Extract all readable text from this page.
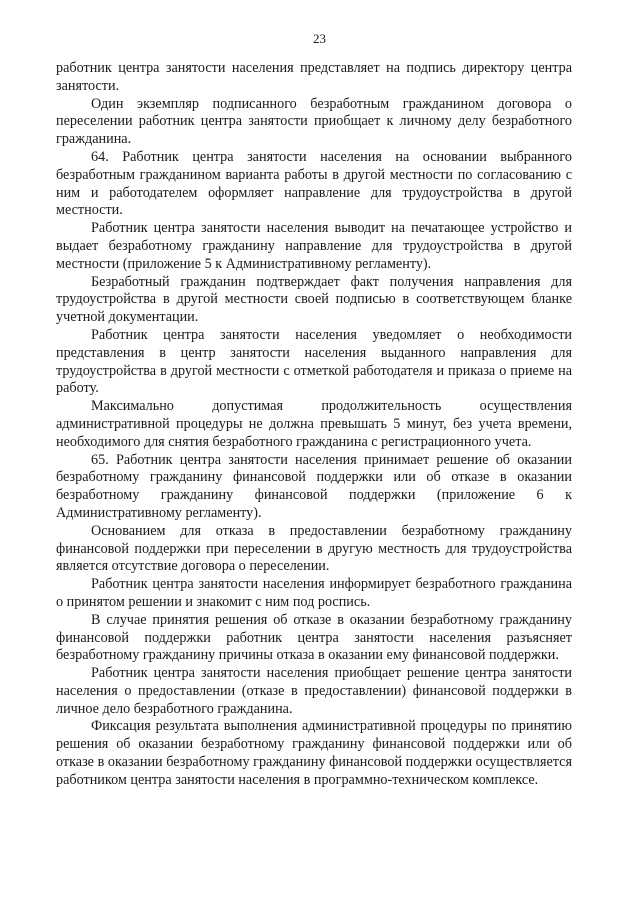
23

работник центра занятости населения представляет на подпись директору центра занятости.

Один экземпляр подписанного безработным гражданином договора о переселении работник центра занятости приобщает к личному делу безработного гражданина.

64. Работник центра занятости населения на основании выбранного безработным гражданином варианта работы в другой местности по согласованию с ним и работодателем оформляет направление для трудоустройства в другой местности.

Работник центра занятости населения выводит на печатающее устройство и выдает безработному гражданину направление для трудоустройства в другой местности (приложение 5 к Административному регламенту).

Безработный гражданин подтверждает факт получения направления для трудоустройства в другой местности своей подписью в соответствующем бланке учетной документации.

Работник центра занятости населения уведомляет о необходимости представления в центр занятости населения выданного направления для трудоустройства в другой местности с отметкой работодателя и приказа о приеме на работу.

Максимально допустимая продолжительность осуществления административной процедуры не должна превышать 5 минут, без учета времени, необходимого для снятия безработного гражданина с регистрационного учета.

65. Работник центра занятости населения принимает решение об оказании безработному гражданину финансовой поддержки или об отказе в оказании безработному гражданину финансовой поддержки (приложение 6 к Административному регламенту).

Основанием для отказа в предоставлении безработному гражданину финансовой поддержки при переселении в другую местность для трудоустройства является отсутствие договора о переселении.

Работник центра занятости населения информирует безработного гражданина о принятом решении и знакомит с ним под роспись.

В случае принятия решения об отказе в оказании безработному гражданину финансовой поддержки работник центра занятости населения разъясняет безработному гражданину причины отказа в оказании ему финансовой поддержки.

Работник центра занятости населения приобщает решение центра занятости населения о предоставлении (отказе в предоставлении) финансовой поддержки в личное дело безработного гражданина.

Фиксация результата выполнения административной процедуры по принятию решения об оказании безработному гражданину финансовой поддержки или об отказе в оказании безработному гражданину финансовой поддержки осуществляется работником центра занятости населения в программно-техническом комплексе.
